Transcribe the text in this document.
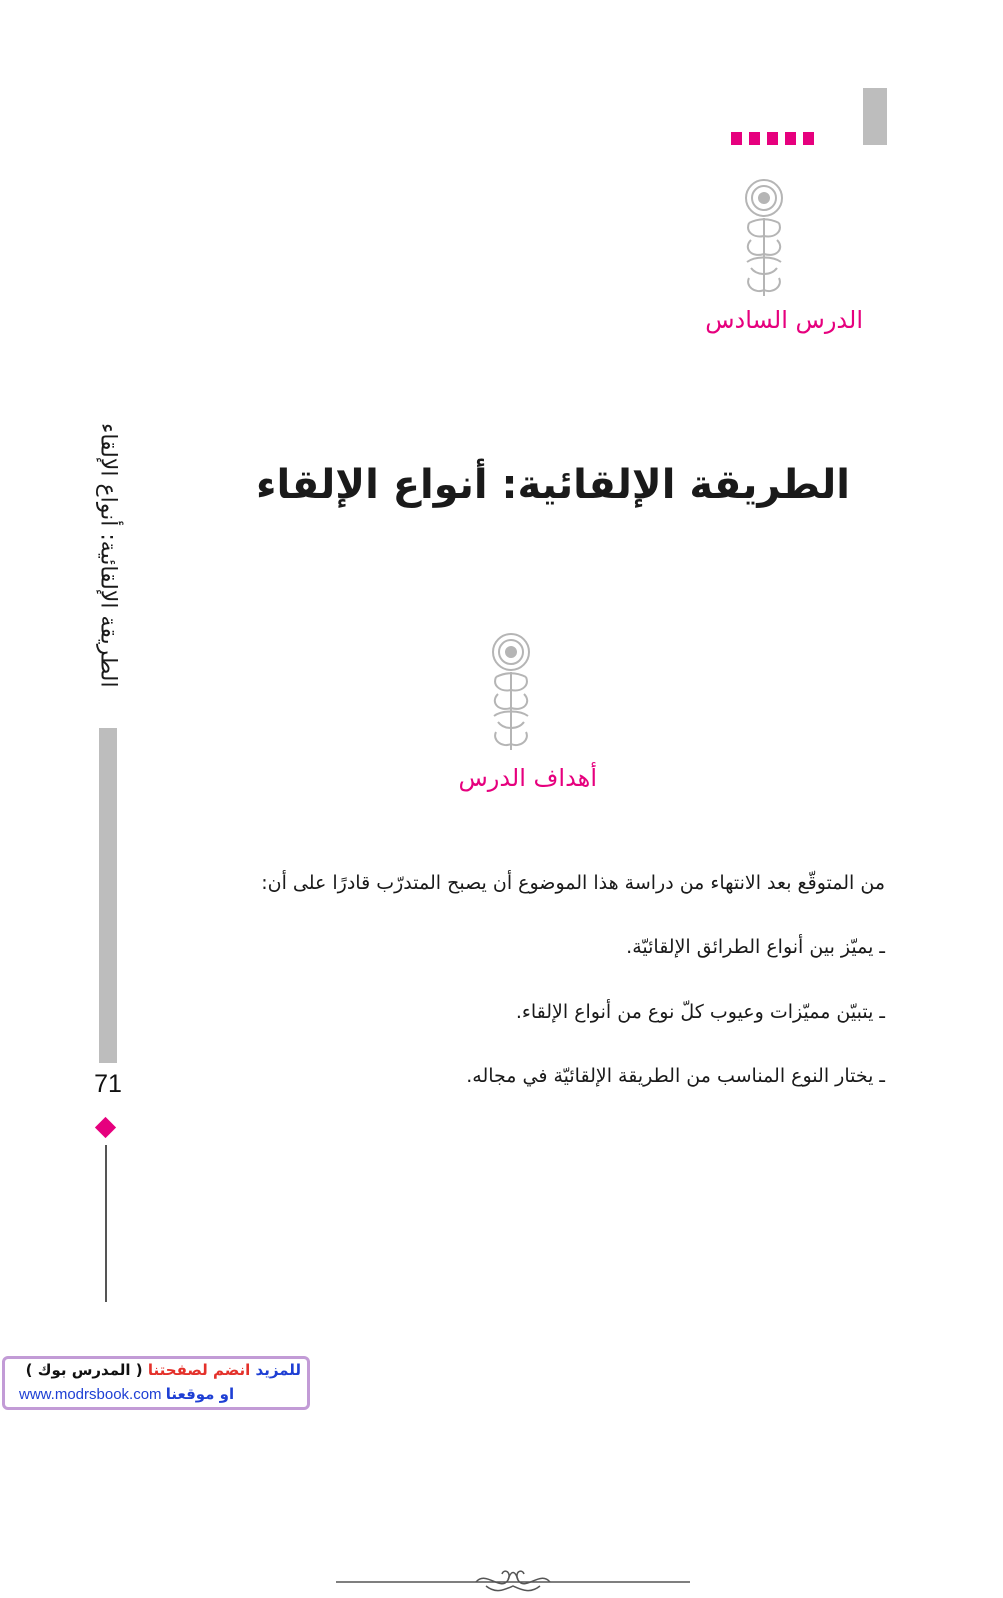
الدرس السادس
الطريقة الإلقائية: أنواع الإلقاء
71
الطريقة الإلقائية: أنواع الإلقاء
أهداف الدرس
من المتوقّع بعد الانتهاء من دراسة هذا الموضوع أن يصبح المتدرّب قادرًا على أن:
ـ يميّز بين أنواع الطرائق الإلقائيّة.
ـ يتبيّن مميّزات وعيوب كلّ نوع من أنواع الإلقاء.
ـ يختار النوع المناسب من الطريقة الإلقائيّة في مجاله.
للمزيد انضم لصفحتنا ( المدرس بوك )
www.modrsbook.com او موقعنا
